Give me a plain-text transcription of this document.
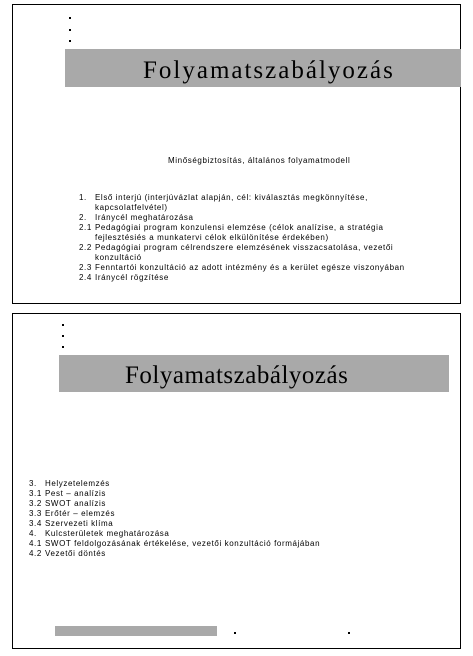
Folyamatszabályozás
Minőségbiztosítás, általános folyamatmodell
1.	Első interjú (interjúvázlat alapján, cél: kiválasztás megkönnyítése,
kapcsolatfelvétel)
2.	Iránycél meghatározása
2.1 Pedagógiai program konzulensi elemzése (célok analízise, a stratégia
fejlesztésiés a munkatervi célok elkülönítése érdekében)
2.2 Pedagógiai program célrendszere elemzésének visszacsatolása, vezetői
konzultáció
2.3 Fenntartói konzultáció az adott intézmény és a kerület egésze viszonyában
2.4 Iránycél rögzítése
Folyamatszabályozás
3.	Helyzetelemzés
3.1 Pest – analízis
3.2 SWOT analízis
3.3 Erőtér – elemzés
3.4 Szervezeti klíma
4.	Kulcsterületek meghatározása
4.1 SWOT feldolgozásának értékelése, vezetői konzultáció formájában
4.2 Vezetői döntés
